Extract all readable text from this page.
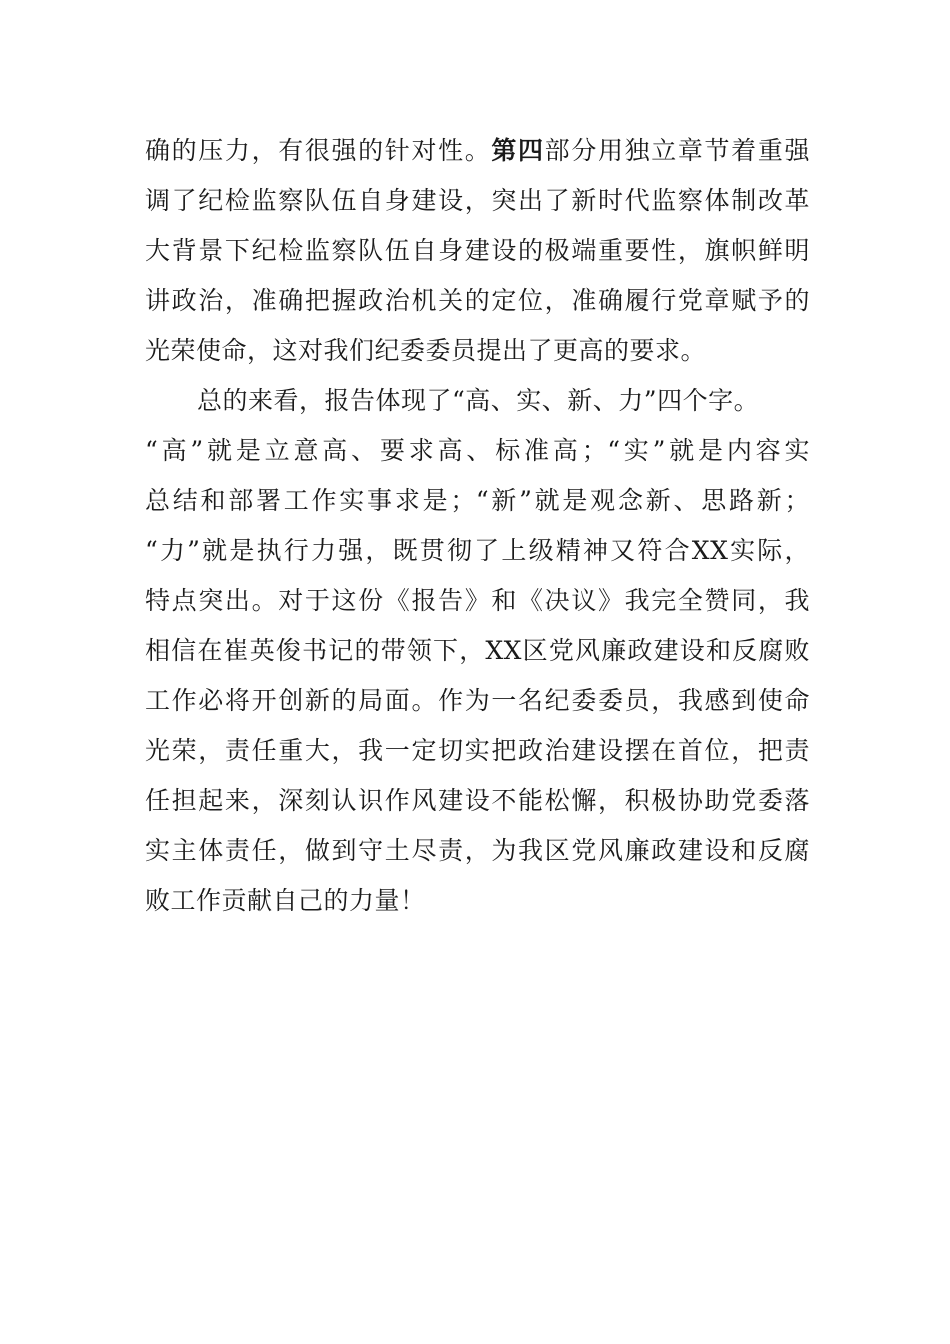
确的压力，有很强的针对性。第四部分用独立章节着重强
调了纪检监察队伍自身建设，突出了新时代监察体制改革
大背景下纪检监察队伍自身建设的极端重要性，旗帜鲜明
讲政治，准确把握政治机关的定位，准确履行党章赋予的
光荣使命，这对我们纪委委员提出了更高的要求。
总的来看，报告体现了“高、实、新、力”四个字。
“高”就是立意高、要求高、标准高；“实”就是内容实
总结和部署工作实事求是；“新”就是观念新、思路新；
“力”就是执行力强，既贯彻了上级精神又符合XX实际，
特点突出。对于这份《报告》和《决议》我完全赞同，我
相信在崔英俊书记的带领下，XX区党风廉政建设和反腐败
工作必将开创新的局面。作为一名纪委委员，我感到使命
光荣，责任重大，我一定切实把政治建设摆在首位，把责
任担起来，深刻认识作风建设不能松懈，积极协助党委落
实主体责任，做到守土尽责，为我区党风廉政建设和反腐
败工作贡献自己的力量！
